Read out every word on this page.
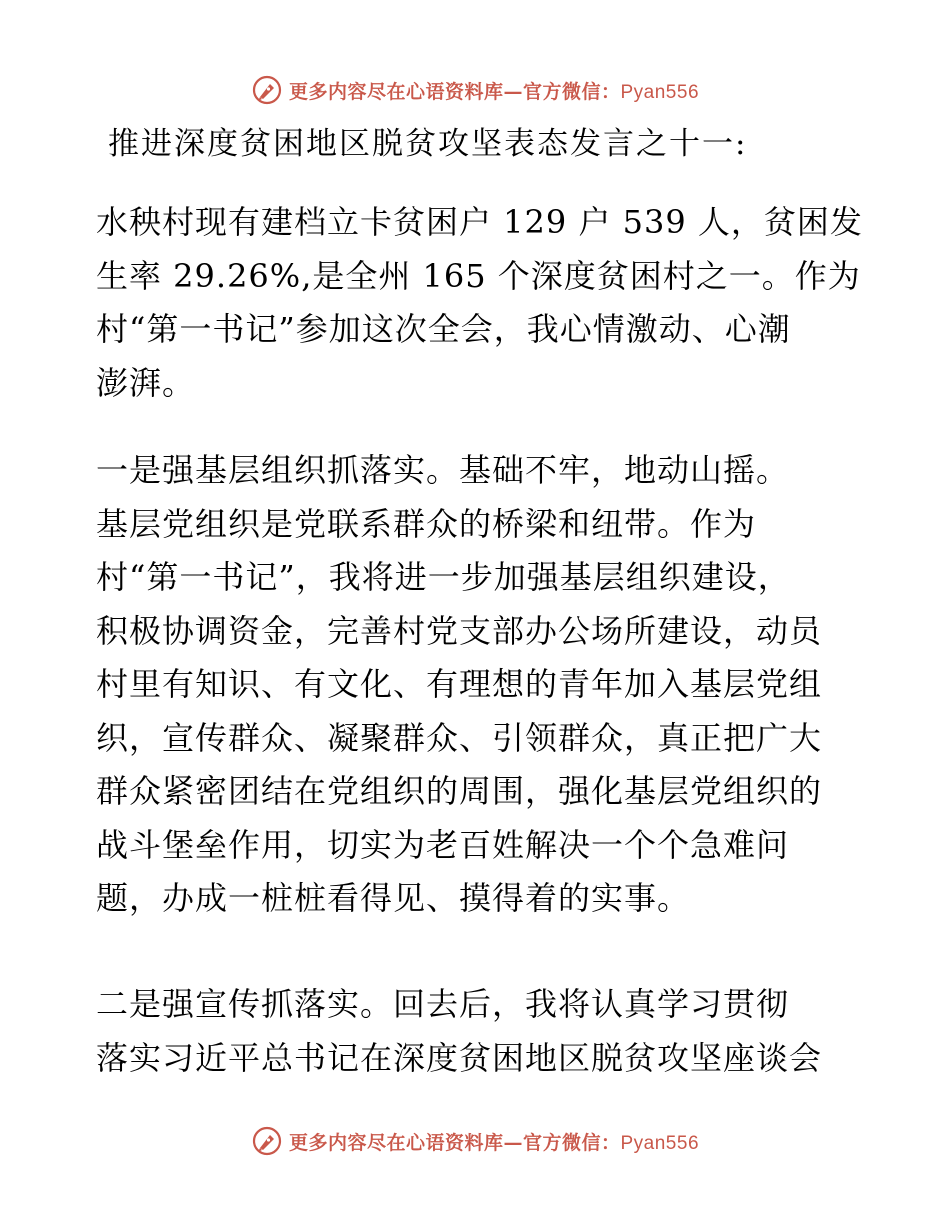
更多内容尽在心语资料库—官方微信：Pyan556
推进深度贫困地区脱贫攻坚表态发言之十一:
水秧村现有建档立卡贫困户 129 户 539 人，贫困发
生率 29.26%,是全州 165 个深度贫困村之一。作为
村“第一书记”参加这次全会，我心情激动、心潮
澎湃。
一是强基层组织抓落实。基础不牢，地动山摇。
基层党组织是党联系群众的桥梁和纽带。作为
村“第一书记”，我将进一步加强基层组织建设，
积极协调资金，完善村党支部办公场所建设，动员
村里有知识、有文化、有理想的青年加入基层党组
织，宣传群众、凝聚群众、引领群众，真正把广大
群众紧密团结在党组织的周围，强化基层党组织的
战斗堡垒作用，切实为老百姓解决一个个急难问
题，办成一桩桩看得见、摸得着的实事。
二是强宣传抓落实。回去后，我将认真学习贯彻
落实习近平总书记在深度贫困地区脱贫攻坚座谈会
更多内容尽在心语资料库—官方微信：Pyan556
